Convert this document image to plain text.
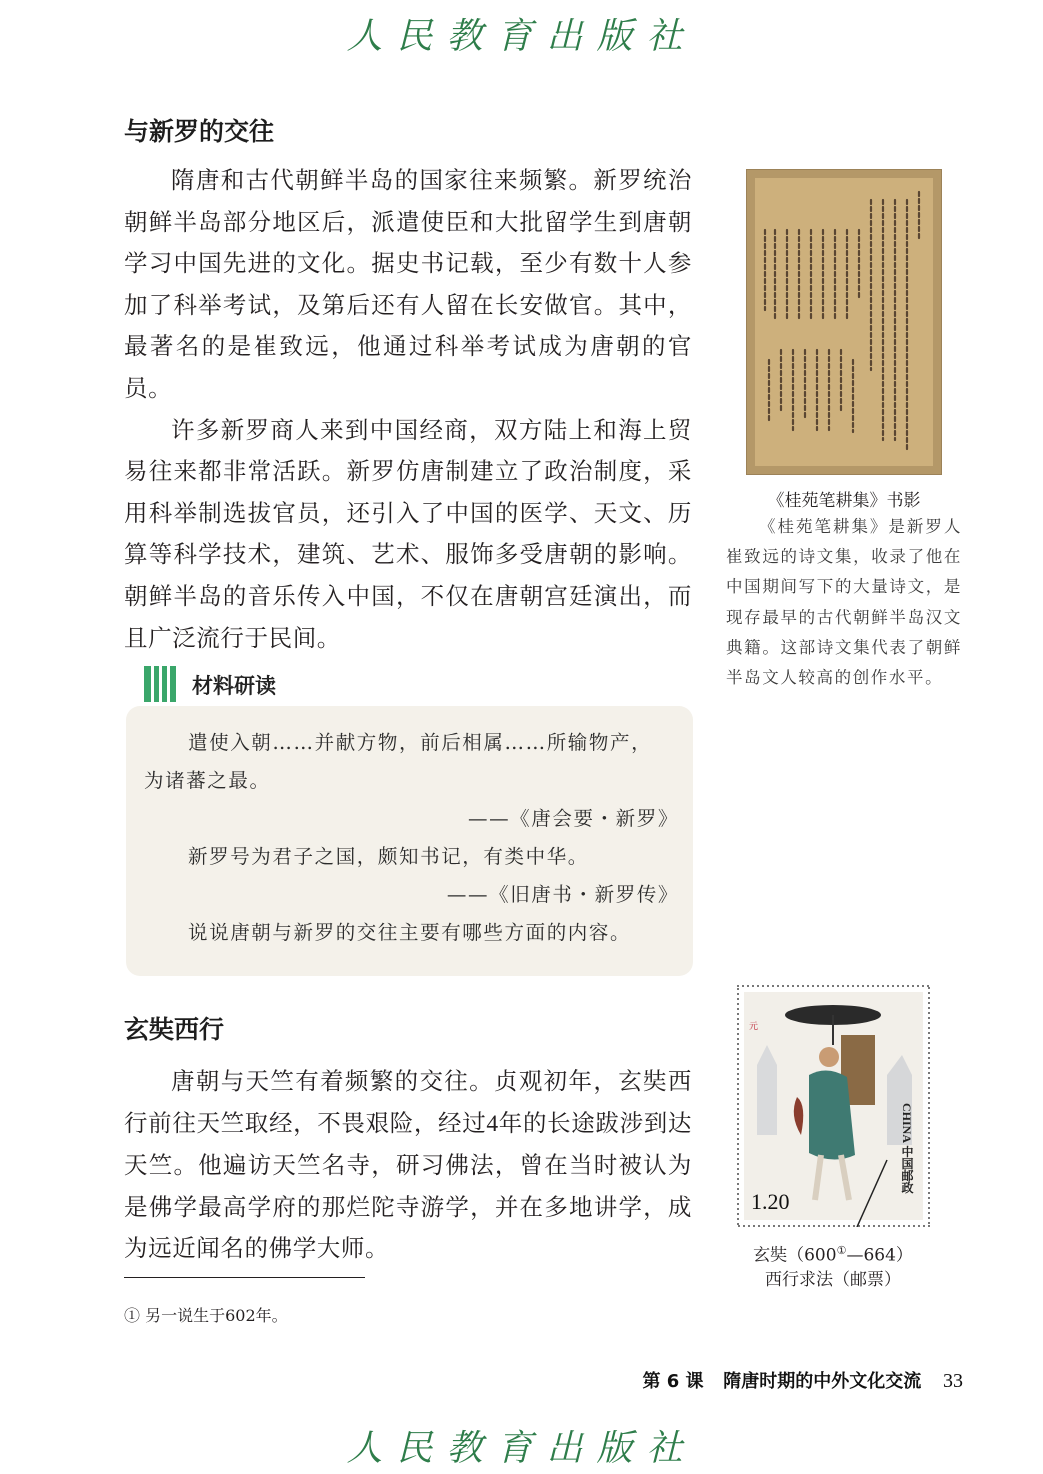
人民教育出版社
与新罗的交往

隋唐和古代朝鲜半岛的国家往来频繁。新罗统治朝鲜半岛部分地区后，派遣使臣和大批留学生到唐朝学习中国先进的文化。据史书记载，至少有数十人参加了科举考试，及第后还有人留在长安做官。其中，最著名的是崔致远，他通过科举考试成为唐朝的官员。

许多新罗商人来到中国经商，双方陆上和海上贸易往来都非常活跃。新罗仿唐制建立了政治制度，采用科举制选拔官员，还引入了中国的医学、天文、历算等科学技术，建筑、艺术、服饰多受唐朝的影响。朝鲜半岛的音乐传入中国，不仅在唐朝宫廷演出，而且广泛流行于民间。

《桂苑笔耕集》书影
《桂苑笔耕集》是新罗人崔致远的诗文集，收录了他在中国期间写下的大量诗文，是现存最早的古代朝鲜半岛汉文典籍。这部诗文集代表了朝鲜半岛文人较高的创作水平。
材料研读
遣使入朝……并献方物，前后相属……所输物产，
为诸蕃之最。
——《唐会要・新罗》
新罗号为君子之国，颇知书记，有类中华。
——《旧唐书・新罗传》
说说唐朝与新罗的交往主要有哪些方面的内容。
玄奘西行

唐朝与天竺有着频繁的交往。贞观初年，玄奘西行前往天竺取经，不畏艰险，经过4年的长途跋涉到达天竺。他遍访天竺名寺，研习佛法，曾在当时被认为是佛学最高学府的那烂陀寺游学，并在多地讲学，成为远近闻名的佛学大师。

1.20
CHINA 中国邮政
元
玄奘（600①—664）
西行求法（邮票）
① 另一说生于602年。
第 6 课 隋唐时期的中外文化交流 33
人民教育出版社
